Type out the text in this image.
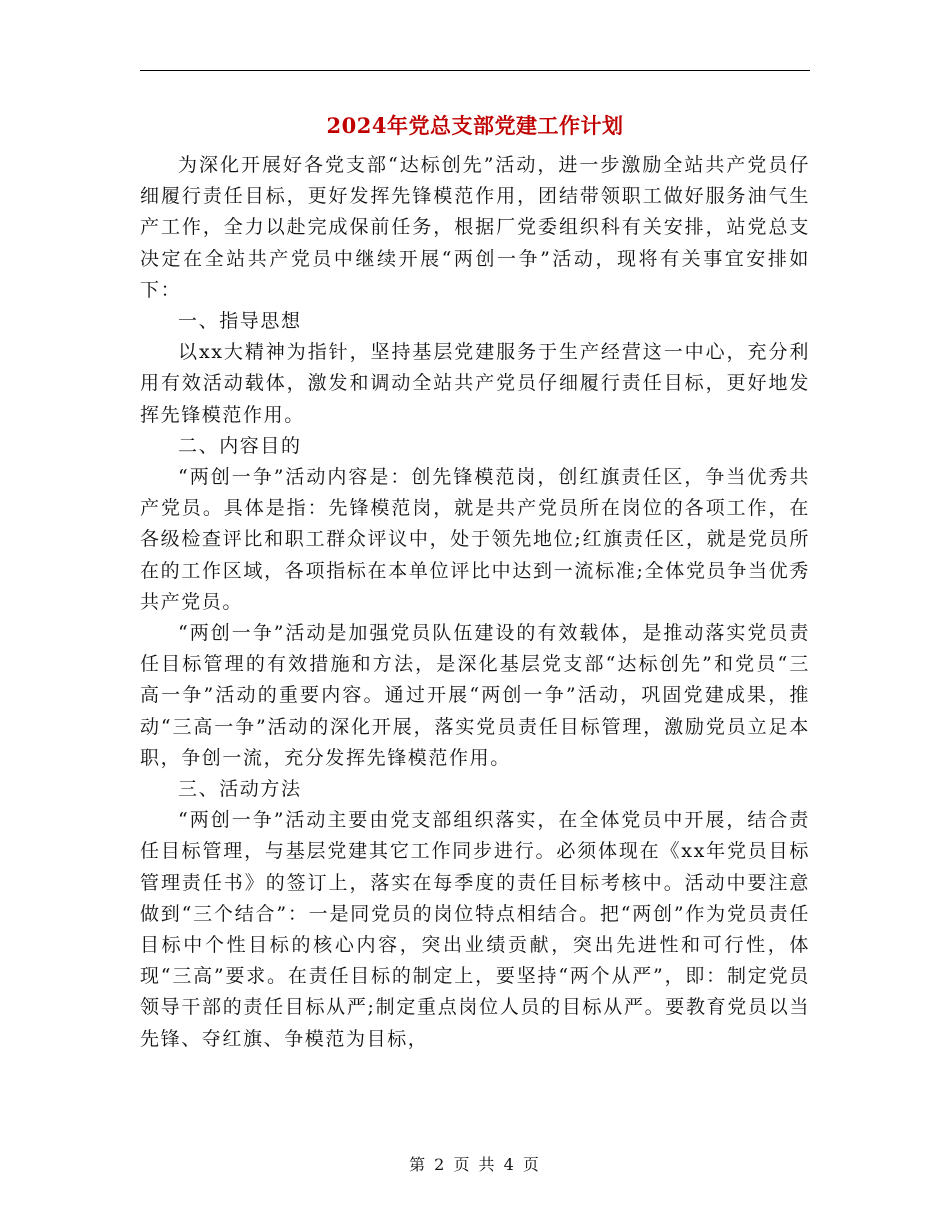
2024年党总支部党建工作计划

为深化开展好各党支部“达标创先”活动，进一步激励全站共产党员仔细履行责任目标，更好发挥先锋模范作用，团结带领职工做好服务油气生产工作，全力以赴完成保前任务，根据厂党委组织科有关安排，站党总支决定在全站共产党员中继续开展“两创一争”活动，现将有关事宜安排如下：

一、指导思想

以xx大精神为指针，坚持基层党建服务于生产经营这一中心，充分利用有效活动载体，激发和调动全站共产党员仔细履行责任目标，更好地发挥先锋模范作用。

二、内容目的

“两创一争”活动内容是：创先锋模范岗，创红旗责任区，争当优秀共产党员。具体是指：先锋模范岗，就是共产党员所在岗位的各项工作，在各级检查评比和职工群众评议中，处于领先地位;红旗责任区，就是党员所在的工作区域，各项指标在本单位评比中达到一流标准;全体党员争当优秀共产党员。

“两创一争”活动是加强党员队伍建设的有效载体，是推动落实党员责任目标管理的有效措施和方法，是深化基层党支部“达标创先”和党员“三高一争”活动的重要内容。通过开展“两创一争”活动，巩固党建成果，推动“三高一争”活动的深化开展，落实党员责任目标管理，激励党员立足本职，争创一流，充分发挥先锋模范作用。

三、活动方法

“两创一争”活动主要由党支部组织落实，在全体党员中开展，结合责任目标管理，与基层党建其它工作同步进行。必须体现在《xx年党员目标管理责任书》的签订上，落实在每季度的责任目标考核中。活动中要注意做到“三个结合”：一是同党员的岗位特点相结合。把“两创”作为党员责任目标中个性目标的核心内容，突出业绩贡献，突出先进性和可行性，体现“三高”要求。在责任目标的制定上，要坚持“两个从严”，即：制定党员领导干部的责任目标从严;制定重点岗位人员的目标从严。要教育党员以当先锋、夺红旗、争模范为目标，

第 2 页 共 4 页
